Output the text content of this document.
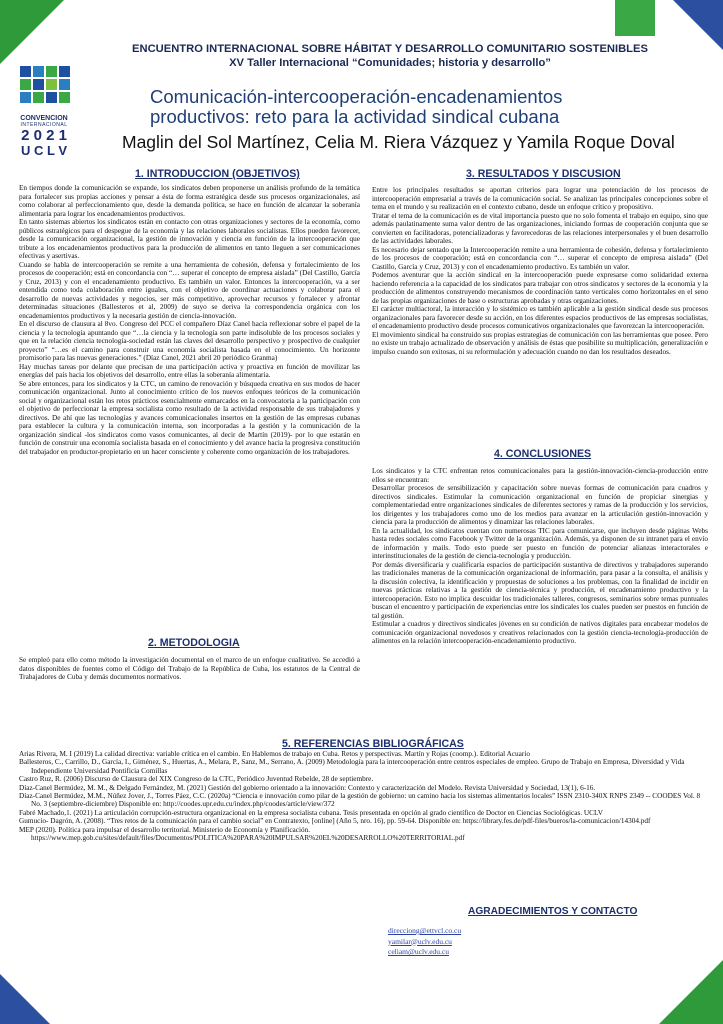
CONVENCION
INTERNACIONAL
2 0 2 1
U C L V
ENCUENTRO INTERNACIONAL SOBRE HÁBITAT Y DESARROLLO COMUNITARIO SOSTENIBLES
XV Taller Internacional “Comunidades; historia y desarrollo”
Comunicación-intercooperación-encadenamientos
productivos: reto para la actividad sindical cubana
Maglin del Sol Martínez, Celia M. Riera Vázquez y Yamila Roque Doval
1. INTRODUCCION (OBJETIVOS)

En tiempos donde la comunicación se expande, los sindicatos deben proponerse un análisis profundo de la temática para fortalecer sus propias acciones y pensar a ésta de forma estratégica desde sus procesos organizacionales, así como colaborar al perfeccionamiento que, desde la demanda política, se hace en función de alcanzar la soberanía alimentaria para lograr los encadenamientos productivos.

En tanto sistemas abiertos los sindicatos están en contacto con otras organizaciones y sectores de la economía, como públicos estratégicos para el despegue de la economía y las relaciones laborales socialistas. Ellos pueden favorecer, desde la comunicación organizacional, la gestión de innovación y ciencia en función de la intercooperación que tribute a los encadenamientos productivos para la producción de alimentos en tanto lleguen a ser comunicaciones efectivas y asertivas.

Cuando se habla de intercooperación se remite a una herramienta de cohesión, defensa y fortalecimiento de los procesos de cooperación; está en concordancia con “… superar el concepto de empresa aislada” (Del Castillo, García y Cruz, 2013) y con el encadenamiento productivo. Es también un valor. Entonces la intercooperación, va a ser entendida como toda colaboración entre iguales, con el objetivo de coordinar actuaciones y colaborar para el desarrollo de nuevas actividades y negocios, ser más competitivo, aprovechar recursos y fortalecer y afrontar determinadas situaciones (Ballesteros et al, 2009) de suyo se deriva la correspondencia orgánica con los encadenamientos productivos y la necesaria gestión de ciencia-innovación.

En el discurso de clausura al 8vo. Congreso del PCC el compañero Díaz Canel hacía reflexionar sobre el papel de la ciencia y la tecnología apuntando que “…la ciencia y la tecnología son parte indisoluble de los procesos sociales y que en la relación ciencia tecnología-sociedad están las claves del desarrollo perspectivo y prospectivo de cualquier proyecto” “…es el camino para construir una economía socialista basada en el conocimiento. Un horizonte promisorio para las nuevas generaciones.” (Díaz Canel, 2021 abril 20 periódico Granma)

Hay muchas tareas por delante que precisan de una participación activa y proactiva en función de movilizar las energías del país hacia los objetivos del desarrollo, entre ellas la soberanía alimentaria.

Se abre entonces, para los sindicatos y la CTC, un camino de renovación y búsqueda creativa en sus modos de hacer comunicación organizacional. Junto al conocimiento crítico de los nuevos enfoques teóricos de la comunicación social y organizacional están los retos prácticos esencialmente enmarcados en la convocatoria a la participación con el objetivo de perfeccionar la empresa socialista como resultado de la actividad responsable de sus trabajadores y directivos. De ahí que las tecnologías y avances comunicacionales insertos en la gestión de las empresas cubanas para establecer la cultura y la comunicación interna, son incorporadas a la gestión y la comunicación de la organización sindical -los sindicatos como vasos comunicantes, al decir de Martín (2019)- por lo que estarán en función de construir una economía socialista basada en el conocimiento y del avance hacia la progresiva constitución del trabajador en productor-propietario en un hacer consciente y coherente como organización de los trabajadores.

2. METODOLOGIA

Se empleó para ello como método la investigación documental en el marco de un enfoque cualitativo. Se accedió a datos disponibles de fuentes como el Código del Trabajo de la República de Cuba, los estatutos de la Central de Trabajadores de Cuba y demás documentos normativos.

3. RESULTADOS Y DISCUSION

Entre los principales resultados se aportan criterios para lograr una potenciación de los procesos de intercooperación empresarial a través de la comunicación social. Se analizan las principales concepciones sobre el tema en el mundo y su realización en el contexto cubano, desde un enfoque crítico y propositivo.

Tratar el tema de la comunicación es de vital importancia puesto que no solo fomenta el trabajo en equipo, sino que además paulatinamente suma valor dentro de las organizaciones, iniciando formas de cooperación conjunta que se convierten en facilitadoras, potencializadoras y favorecedoras de las relaciones interpersonales y el buen desarrollo de las actividades laborales.

Es necesario dejar sentado que la Intercooperación remite a una herramienta de cohesión, defensa y fortalecimiento de los procesos de cooperación; está en concordancia con “… superar el concepto de empresa aislada” (Del Castillo, García y Cruz, 2013) y con el encadenamiento productivo. Es también un valor.

Podemos aventurar que la acción sindical en la intercooperación puede expresarse como solidaridad externa haciendo referencia a la capacidad de los sindicatos para trabajar con otros sindicatos y sectores de la economía y la producción de alimentos construyendo mecanismos de coordinación tanto verticales como horizontales en el seno de las propias organizaciones de base o estructuras aprobadas y otras organizaciones.

El carácter multiactoral, la interacción y lo sistémico es también aplicable a la gestión sindical desde sus procesos organizacionales para favorecer desde su acción, en los diferentes espacios productivos de las empresas socialistas, el encadenamiento productivo desde procesos comunicativos organizacionales que favorezcan la intercooperación.

El movimiento sindical ha construido sus propias estrategias de comunicación con las herramientas que posee. Pero no existe un trabajo actualizado de observación y análisis de éstas que posibilite su multiplicación, generalización e impulso cuando son exitosas, ni su reformulación y adecuación cuando no dan los resultados deseados.

4. CONCLUSIONES

Los sindicatos y la CTC enfrentan retos comunicacionales para la gestión-innovación-ciencia-producción entre ellos se encuentran:

Desarrollar procesos de sensibilización y capacitación sobre nuevas formas de comunicación para cuadros y directivos sindicales. Estimular la comunicación organizacional en función de propiciar sinergias y complementariedad entre organizaciones sindicales de diferentes sectores y ramas de la producción y los servicios, los dirigentes y los trabajadores como uno de los medios para avanzar en la articulación gestión-innovación y ciencia para la producción de alimentos y dinamizar las relaciones laborales.

En la actualidad, los sindicatos cuentan con numerosas TIC para comunicarse, que incluyen desde páginas Webs hasta redes sociales como Facebook y Twitter de la organización. Además, ya disponen de su intranet para el envío de información y mails. Todo esto puede ser puesto en función de potenciar alianzas interactorales e interinstitucionales de la gestión de ciencia-tecnología y producción.

Por demás diversificaría y cualificaría espacios de participación sustantiva de directivos y trabajadores superando las tradicionales maneras de la comunicación organizacional de información, para pasar a la consulta, el análisis y la discusión colectiva, la identificación y propuestas de soluciones a los problemas, con la finalidad de incidir en nuevas prácticas relativas a la gestión de ciencia-técnica y producción, el encadenamiento productivo y la intercooperación. Esto no implica descuidar los tradicionales talleres, congresos, seminarios sobre temas puntuales buscan el encuentro y participación de experiencias entre los sindicales los cuales pueden ser puestos en función de tal gestión.

Estimular a cuadros y directivos sindicales jóvenes en su condición de nativos digitales para encabezar modelos de comunicación organizacional novedosos y creativos relacionados con la gestión ciencia-tecnología-producción de alimentos en la relación intercooperación-encadenamiento productivo.

5. REFERENCIAS BIBLIOGRÁFICAS

Arias Rivera, M. I (2019) La calidad directiva: variable crítica en el cambio. En Hablemos de trabajo en Cuba. Retos y perspectivas. Martín y Rojas (coomp.). Editorial Acuario

Ballesteros, C., Carrillo, D., García, I., Giménez, S., Huertas, A., Melara, P., Sanz, M., Serrano, A. (2009) Metodología para la intercooperación entre centros especiales de empleo. Grupo de Trabajo en Empresa, Diversidad y Vida Independiente Universidad Pontificia Comillas

Castro Ruz, R. (2006) Discurso de Clausura del XIX Congreso de la CTC, Periódico Juventud Rebelde, 28 de septiembre.

Díaz-Canel Bermúdez, M. M., & Delgado Fernández, M. (2021) Gestión del gobierno orientado a la innovación: Contexto y caracterización del Modelo. Revista Universidad y Sociedad, 13(1), 6-16.

Díaz-Canel Bermúdez, M.M., Núñez Jover, J., Torres Páez, C.C. (2020a) “Ciencia e innovación como pilar de la gestión de gobierno: un camino hacia los sistemas alimentarios locales” ISSN 2310-340X RNPS 2349 -- COODES Vol. 8 No. 3 (septiembre-diciembre) Disponible en: http://coodes.upr.edu.cu/index.php/coodes/article/view/372

Fabré Machado,1. (2021) La articulación corrupción-estructura organizacional en la empresa socialista cubana. Tesis presentada en opción al grado científico de Doctor en Ciencias Sociológicas. UCLV

Gumucio- Dagrón, A. (2008). “Tres retos de la comunicación para el cambio social” en Contratexto, [online] (Año 5, nro. 16), pp. 59-64. Disponible en: https://library.fes.de/pdf-files/bueros/la-comunicacion/14304.pdf

MEP (2020). Política para impulsar el desarrollo territorial. Ministerio de Economía y Planificación. https://www.mep.gob.cu/sites/default/files/Documentos/POLITICA%20PARA%20IMPULSAR%20EL%20DESARROLLO%20TERRITORIAL.pdf

AGRADECIMIENTOS Y CONTACTO
direcciong@ettvcl.co.cu
yamilar@uclv.edu.cu
celiam@uclv.edu.cu
